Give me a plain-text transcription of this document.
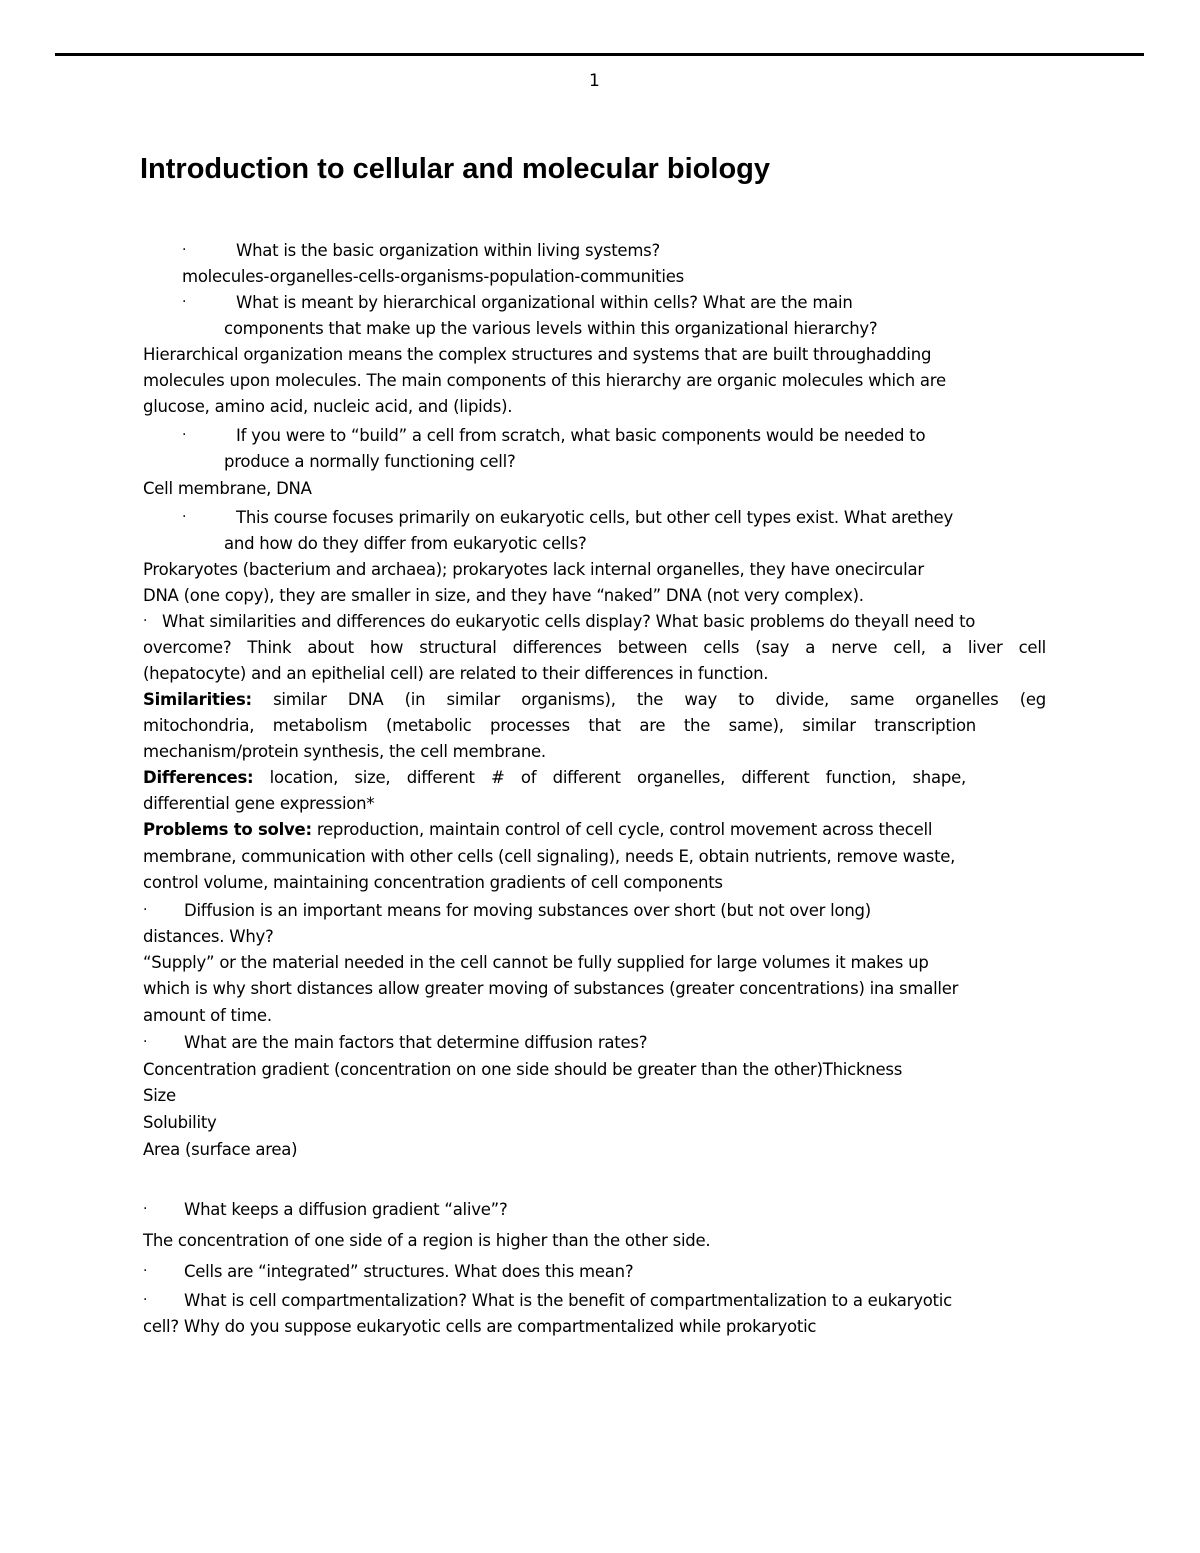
1
Introduction to cellular and molecular biology
·	What is the basic organization within living systems?
molecules-organelles-cells-organisms-population-communities
·	What is meant by hierarchical organizational within cells? What are the main
components that make up the various levels within this organizational hierarchy?
Hierarchical organization means the complex structures and systems that are built throughadding
molecules upon molecules. The main components of this hierarchy are organic molecules which are
glucose, amino acid, nucleic acid, and (lipids).
·	If you were to “build” a cell from scratch, what basic components would be needed to
produce a normally functioning cell?
Cell membrane, DNA
·	This course focuses primarily on eukaryotic cells, but other cell types exist. What arethey
and how do they differ from eukaryotic cells?
Prokaryotes (bacterium and archaea); prokaryotes lack internal organelles, they have onecircular
DNA (one copy), they are smaller in size, and they have “naked” DNA (not very complex).
· What similarities and differences do eukaryotic cells display? What basic problems do theyall need to
overcome? Think about how structural differences between cells (say a nerve cell, a liver cell
(hepatocyte) and an epithelial cell) are related to their differences in function.
Similarities: similar DNA (in similar organisms), the way to divide, same organelles (eg
mitochondria, metabolism (metabolic processes that are the same), similar transcription
mechanism/protein synthesis, the cell membrane.
Differences: location, size, different # of different organelles, different function, shape,
differential gene expression*
Problems to solve: reproduction, maintain control of cell cycle, control movement across thecell
membrane, communication with other cells (cell signaling), needs E, obtain nutrients, remove waste,
control volume, maintaining concentration gradients of cell components
· Diffusion is an important means for moving substances over short (but not over long)
distances. Why?
“Supply” or the material needed in the cell cannot be fully supplied for large volumes it makes up
which is why short distances allow greater moving of substances (greater concentrations) ina smaller
amount of time.
· What are the main factors that determine diffusion rates?
Concentration gradient (concentration on one side should be greater than the other)Thickness
Size
Solubility
Area (surface area)
· What keeps a diffusion gradient “alive”?
The concentration of one side of a region is higher than the other side.
· Cells are “integrated” structures. What does this mean?
· What is cell compartmentalization? What is the benefit of compartmentalization to a eukaryotic
cell? Why do you suppose eukaryotic cells are compartmentalized while prokaryotic
